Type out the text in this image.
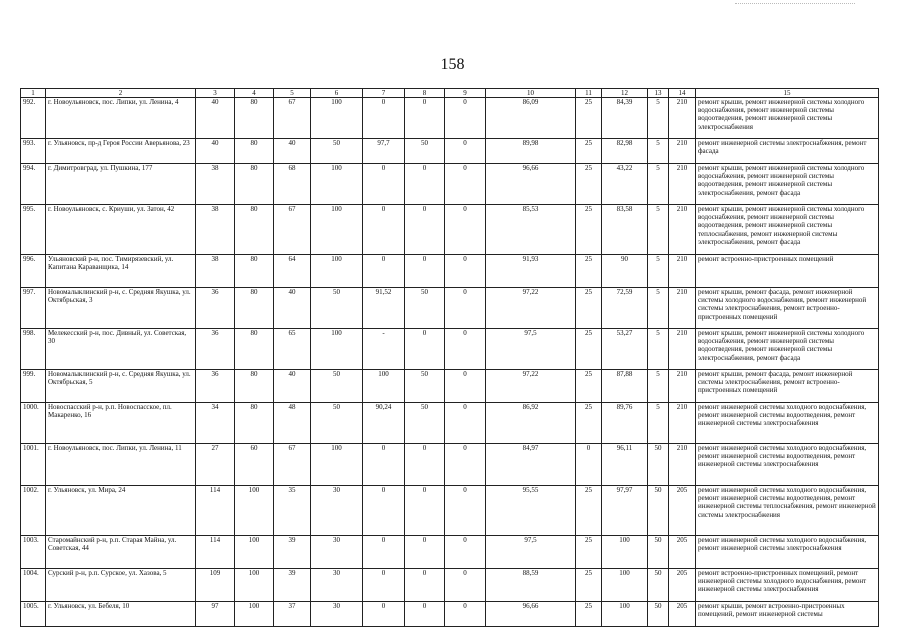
158
1	2	3	4	5	6	7	8	9	10	11	12	13	14	15
992.	г. Новоульяновск, пос. Липки, ул. Ленина, 4	40	80	67	100	0	0	0	86,09	25	84,39	5	210	ремонт крыши, ремонт инженерной системы холодного водоснабжения, ремонт инженерной системы водоотведения, ремонт инженерной системы электроснабжения
993.	г. Ульяновск, пр-д Героя России Аверьянова, 23	40	80	40	50	97,7	50	0	89,98	25	82,98	5	210	ремонт инженерной системы электроснабжения, ремонт фасада
994.	г. Димитровград, ул. Пушкина, 177	38	80	68	100	0	0	0	96,66	25	43,22	5	210	ремонт крыши, ремонт инженерной системы холодного водоснабжения, ремонт инженерной системы водоотведения, ремонт инженерной системы электроснабжения, ремонт фасада
995.	г. Новоульяновск, с. Криуши, ул. Затон, 42	38	80	67	100	0	0	0	85,53	25	83,58	5	210	ремонт крыши, ремонт инженерной системы холодного водоснабжения, ремонт инженерной системы водоотведения, ремонт инженерной системы теплоснабжения, ремонт инженерной системы электроснабжения, ремонт фасада
996.	Ульяновский р-н, пос. Тимирязевский, ул. Капитана Караванщика, 14	38	80	64	100	0	0	0	91,93	25	90	5	210	ремонт встроенно-пристроенных помещений
997.	Новомалыклинский р-н, с. Средняя Якушка, ул. Октябрьская, 3	36	80	40	50	91,52	50	0	97,22	25	72,59	5	210	ремонт крыши, ремонт фасада, ремонт инженерной системы холодного водоснабжения, ремонт инженерной системы электроснабжения, ремонт встроенно-пристроенных помещений
998.	Мелекесский р-н, пос. Дивный, ул. Советская, 30	36	80	65	100	-	0	0	97,5	25	53,27	5	210	ремонт крыши, ремонт инженерной системы холодного водоснабжения, ремонт инженерной системы водоотведения, ремонт инженерной системы электроснабжения, ремонт фасада
999.	Новомалыклинский р-н, с. Средняя Якушка, ул. Октябрьская, 5	36	80	40	50	100	50	0	97,22	25	87,88	5	210	ремонт крыши, ремонт фасада, ремонт инженерной системы электроснабжения, ремонт встроенно-пристроенных помещений
1000.	Новоспасский р-н, р.п. Новоспасское, пл. Макаренко, 16	34	80	48	50	90,24	50	0	86,92	25	89,76	5	210	ремонт инженерной системы холодного водоснабжения, ремонт инженерной системы водоотведения, ремонт инженерной системы электроснабжения
1001.	г. Новоульяновск, пос. Липки, ул. Ленина, 11	27	60	67	100	0	0	0	84,97	0	96,11	50	210	ремонт инженерной системы холодного водоснабжения, ремонт инженерной системы водоотведения, ремонт инженерной системы электроснабжения
1002.	г. Ульяновск, ул. Мира, 24	114	100	35	30	0	0	0	95,55	25	97,97	50	205	ремонт инженерной системы холодного водоснабжения, ремонт инженерной системы водоотведения, ремонт инженерной системы теплоснабжения, ремонт инженерной системы электроснабжения
1003.	Старомайнский р-н, р.п. Старая Майна, ул. Советская, 44	114	100	39	30	0	0	0	97,5	25	100	50	205	ремонт инженерной системы холодного водоснабжения, ремонт инженерной системы электроснабжения
1004.	Сурский р-н, р.п. Сурское, ул. Хазова, 5	109	100	39	30	0	0	0	88,59	25	100	50	205	ремонт встроенно-пристроенных помещений, ремонт инженерной системы холодного водоснабжения, ремонт инженерной системы электроснабжения
1005.	г. Ульяновск, ул. Бебеля, 10	97	100	37	30	0	0	0	96,66	25	100	50	205	ремонт крыши, ремонт встроенно-пристроенных помещений, ремонт инженерной системы
